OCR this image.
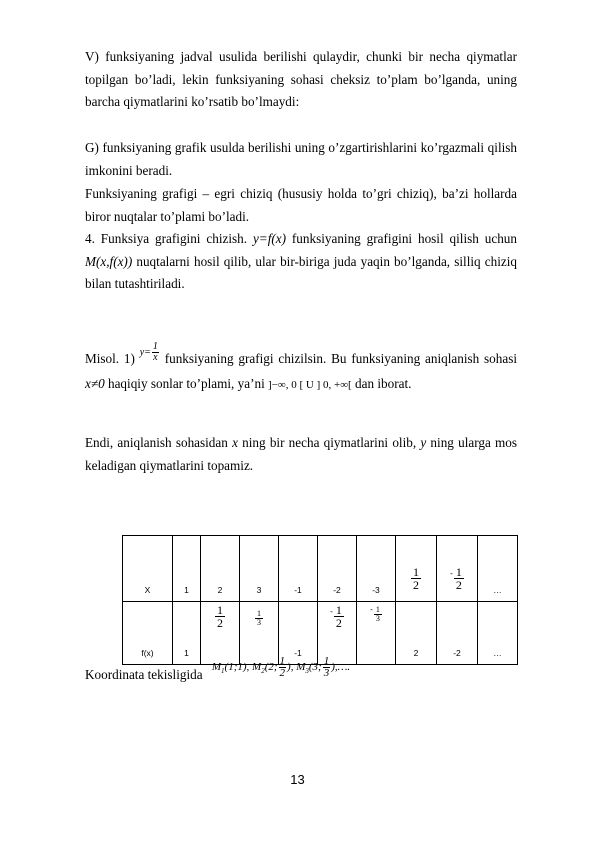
V) funksiyaning jadval usulida berilishi qulaydir, chunki bir necha qiymatlar topilgan bo’ladi, lekin funksiyaning sohasi cheksiz to’plam bo’lganda, uning barcha qiymatlarini ko’rsatib bo’lmaydi:
G) funksiyaning grafik usulda berilishi uning o’zgartirishlarini ko’rgazmali qilish imkonini beradi.
Funksiyaning grafigi – egri chiziq (hususiy holda to’gri chiziq), ba’zi hollarda biror nuqtalar to’plami bo’ladi.
4. Funksiya grafigini chizish. y=f(x) funksiyaning grafigini hosil qilish uchun M(x,f(x)) nuqtalarni hosil qilib, ular bir-biriga juda yaqin bo’lganda, silliq chiziq bilan tutashtiriladi.
Misol. 1) $^{y= \frac{1}{x}}$ funksiyaning grafigi chizilsin. Bu funksiyaning aniqlanish sohasi x≠0 haqiqiy sonlar to’plami, ya’ni ]−∞, 0 [ U ] 0, +∞[ dan iborat.
Endi, aniqlanish sohasidan x ning bir necha qiymatlarini olib, y ning ularga mos keladigan qiymatlarini topamiz.
X	1	2	3	-1	-2	-3	$\frac{1}{2}$	- $\frac{1}{2}$	…
f(x)	1	$\frac{1}{2}$	$\frac{1}{3}$	-1	- $\frac{1}{2}$	- $\frac{1}{3}$	2	-2	…
Koordinata tekisligida $^{M_1(1;1), M_2(2; \frac{1}{2} ), M_3(3; \frac{1}{3} ),\dots.}$
13
